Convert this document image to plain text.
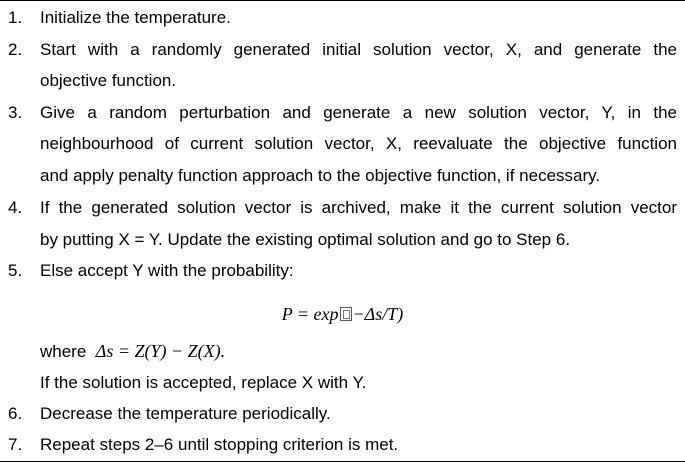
1. Initialize the temperature.
2. Start with a randomly generated initial solution vector, X, and generate the
objective function.
3. Give a random perturbation and generate a new solution vector, Y, in the
neighbourhood of current solution vector, X, reevaluate the objective function
and apply penalty function approach to the objective function, if necessary.
4. If the generated solution vector is archived, make it the current solution vector
by putting X = Y. Update the existing optimal solution and go to Step 6.
5. Else accept Y with the probability:
P = exp −Δs/T)
where Δs = Z(Y) − Z(X).
If the solution is accepted, replace X with Y.
6. Decrease the temperature periodically.
7. Repeat steps 2–6 until stopping criterion is met.
